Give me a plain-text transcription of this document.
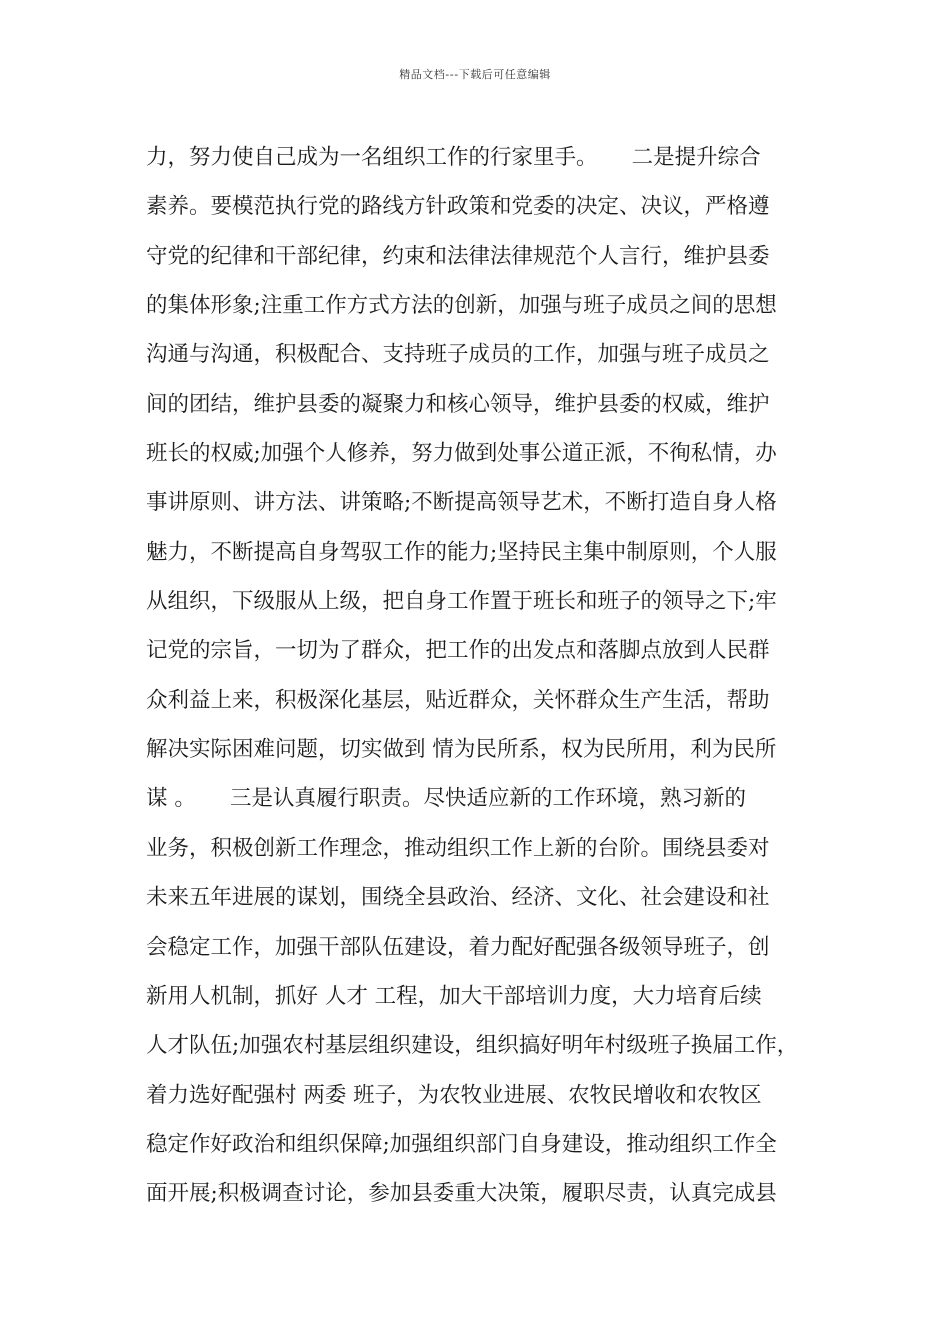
精品文档---下载后可任意编辑
力，努力使自己成为一名组织工作的行家里手。     二是提升综合
素养。要模范执行党的路线方针政策和党委的决定、决议，严格遵
守党的纪律和干部纪律，约束和法律法律规范个人言行，维护县委
的集体形象;注重工作方式方法的创新，加强与班子成员之间的思想
沟通与沟通，积极配合、支持班子成员的工作，加强与班子成员之
间的团结，维护县委的凝聚力和核心领导，维护县委的权威，维护
班长的权威;加强个人修养，努力做到处事公道正派，不徇私情，办
事讲原则、讲方法、讲策略;不断提高领导艺术，不断打造自身人格
魅力，不断提高自身驾驭工作的能力;坚持民主集中制原则，个人服
从组织，下级服从上级，把自身工作置于班长和班子的领导之下;牢
记党的宗旨，一切为了群众，把工作的出发点和落脚点放到人民群
众利益上来，积极深化基层，贴近群众，关怀群众生产生活，帮助
解决实际困难问题，切实做到 情为民所系，权为民所用，利为民所
谋 。     三是认真履行职责。尽快适应新的工作环境，熟习新的
业务，积极创新工作理念，推动组织工作上新的台阶。围绕县委对
未来五年进展的谋划，围绕全县政治、经济、文化、社会建设和社
会稳定工作，加强干部队伍建设，着力配好配强各级领导班子，创
新用人机制，抓好 人才 工程，加大干部培训力度，大力培育后续
人才队伍;加强农村基层组织建设，组织搞好明年村级班子换届工作，
着力选好配强村 两委 班子，为农牧业进展、农牧民增收和农牧区
稳定作好政治和组织保障;加强组织部门自身建设，推动组织工作全
面开展;积极调查讨论，参加县委重大决策，履职尽责，认真完成县
